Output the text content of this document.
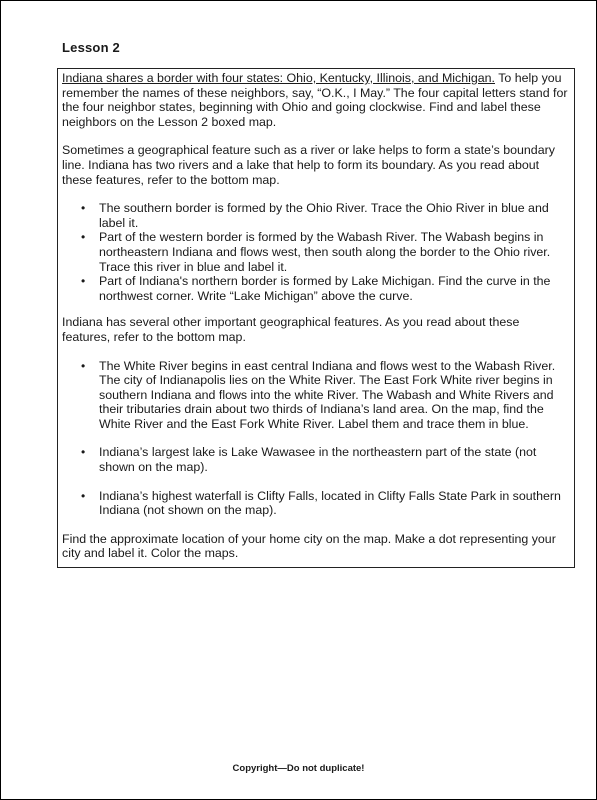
Lesson 2

Indiana shares a border with four states: Ohio, Kentucky, Illinois, and Michigan. To help you remember the names of these neighbors, say, “O.K., I May.” The four capital letters stand for the four neighbor states, beginning with Ohio and going clockwise. Find and label these neighbors on the Lesson 2 boxed map.

Sometimes a geographical feature such as a river or lake helps to form a state’s boundary line. Indiana has two rivers and a lake that help to form its boundary. As you read about these features, refer to the bottom map.

• The southern border is formed by the Ohio River. Trace the Ohio River in blue and label it.
• Part of the western border is formed by the Wabash River. The Wabash begins in northeastern Indiana and flows west, then south along the border to the Ohio river. Trace this river in blue and label it.
• Part of Indiana's northern border is formed by Lake Michigan. Find the curve in the northwest corner. Write “Lake Michigan” above the curve.

Indiana has several other important geographical features. As you read about these features, refer to the bottom map.

• The White River begins in east central Indiana and flows west to the Wabash River. The city of Indianapolis lies on the White River. The East Fork White river begins in southern Indiana and flows into the white River. The Wabash and White Rivers and their tributaries drain about two thirds of Indiana’s land area. On the map, find the White River and the East Fork White River. Label them and trace them in blue.
• Indiana’s largest lake is Lake Wawasee in the northeastern part of the state (not shown on the map).
• Indiana’s highest waterfall is Clifty Falls, located in Clifty Falls State Park in southern Indiana (not shown on the map).

Find the approximate location of your home city on the map. Make a dot representing your city and label it. Color the maps.

Copyright—Do not duplicate!
